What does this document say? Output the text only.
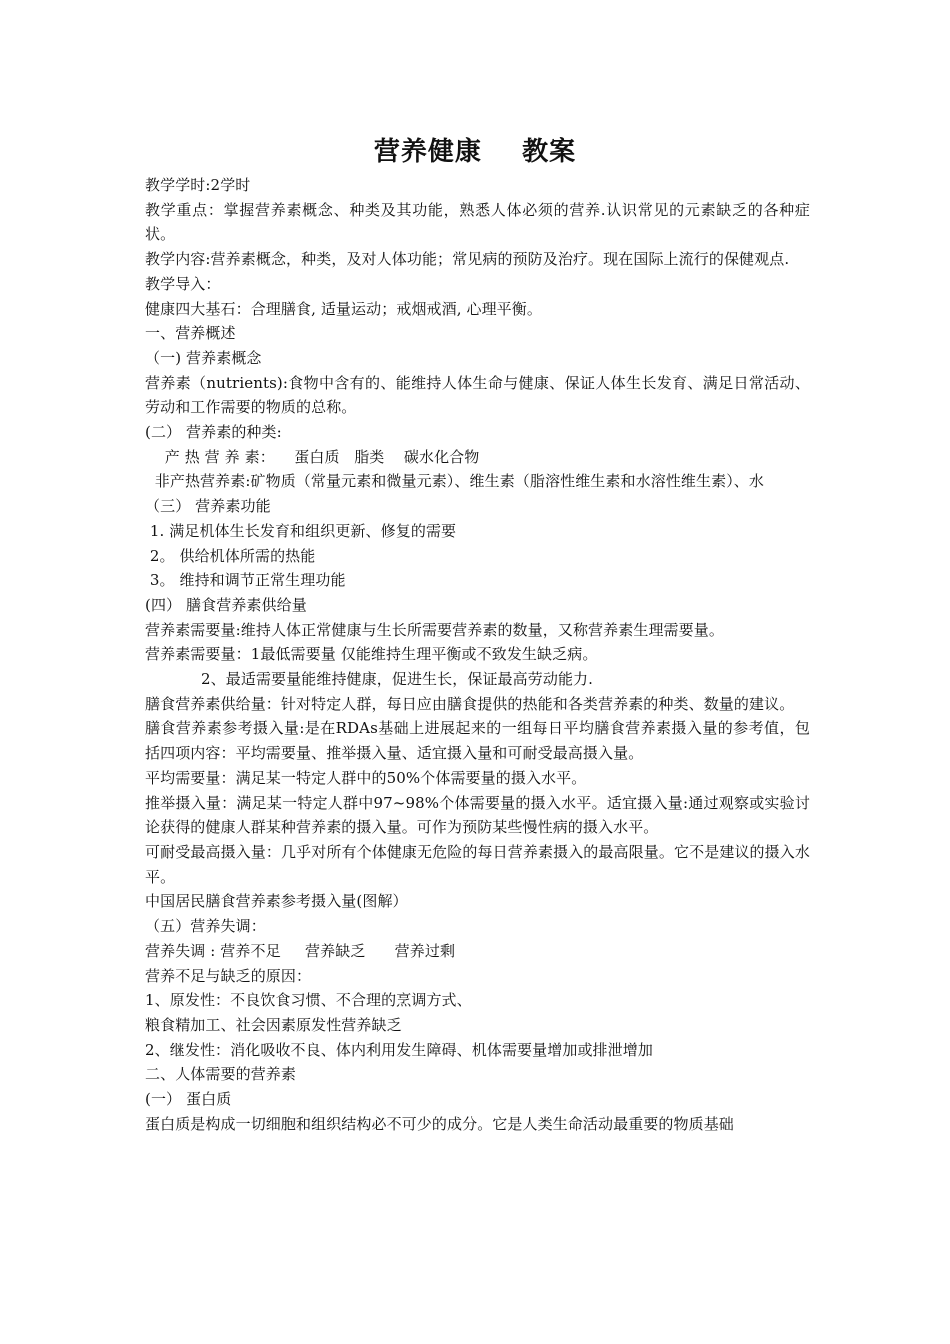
营养健康    教案

教学学时:2学时

教学重点：掌握营养素概念、种类及其功能，熟悉人体必须的营养.认识常见的元素缺乏的各种症状。

教学内容:营养素概念，种类，及对人体功能；常见病的预防及治疗。现在国际上流行的保健观点.

教学导入：

健康四大基石：合理膳食, 适量运动；戒烟戒酒, 心理平衡。

一、营养概述

（一) 营养素概念

营养素（nutrients):食物中含有的、能维持人体生命与健康、保证人体生长发育、满足日常活动、劳动和工作需要的物质的总称。

(二） 营养素的种类:

产 热 营 养 素：    蛋白质   脂类    碳水化合物

非产热营养素:矿物质（常量元素和微量元素）、维生素（脂溶性维生素和水溶性维生素）、水

（三） 营养素功能

1. 满足机体生长发育和组织更新、修复的需要

2。 供给机体所需的热能

3。 维持和调节正常生理功能

(四） 膳食营养素供给量

营养素需要量:维持人体正常健康与生长所需要营养素的数量，又称营养素生理需要量。

营养素需要量：1最低需要量 仅能维持生理平衡或不致发生缺乏病。

2、最适需要量能维持健康，促进生长，保证最高劳动能力.

膳食营养素供给量：针对特定人群，每日应由膳食提供的热能和各类营养素的种类、数量的建议。

膳食营养素参考摄入量:是在RDAs基础上进展起来的一组每日平均膳食营养素摄入量的参考值，包括四项内容：平均需要量、推举摄入量、适宜摄入量和可耐受最高摄入量。

平均需要量：满足某一特定人群中的50%个体需要量的摄入水平。

推举摄入量：满足某一特定人群中97~98%个体需要量的摄入水平。适宜摄入量:通过观察或实验讨论获得的健康人群某种营养素的摄入量。可作为预防某些慢性病的摄入水平。

可耐受最高摄入量：几乎对所有个体健康无危险的每日营养素摄入的最高限量。它不是建议的摄入水平。

中国居民膳食营养素参考摄入量(图解）

（五）营养失调：

营养失调 : 营养不足     营养缺乏      营养过剩

营养不足与缺乏的原因：

1、原发性：不良饮食习惯、不合理的烹调方式、

粮食精加工、社会因素原发性营养缺乏

2、继发性：消化吸收不良、体内利用发生障碍、机体需要量增加或排泄增加

二、人体需要的营养素

(一） 蛋白质

蛋白质是构成一切细胞和组织结构必不可少的成分。它是人类生命活动最重要的物质基础
